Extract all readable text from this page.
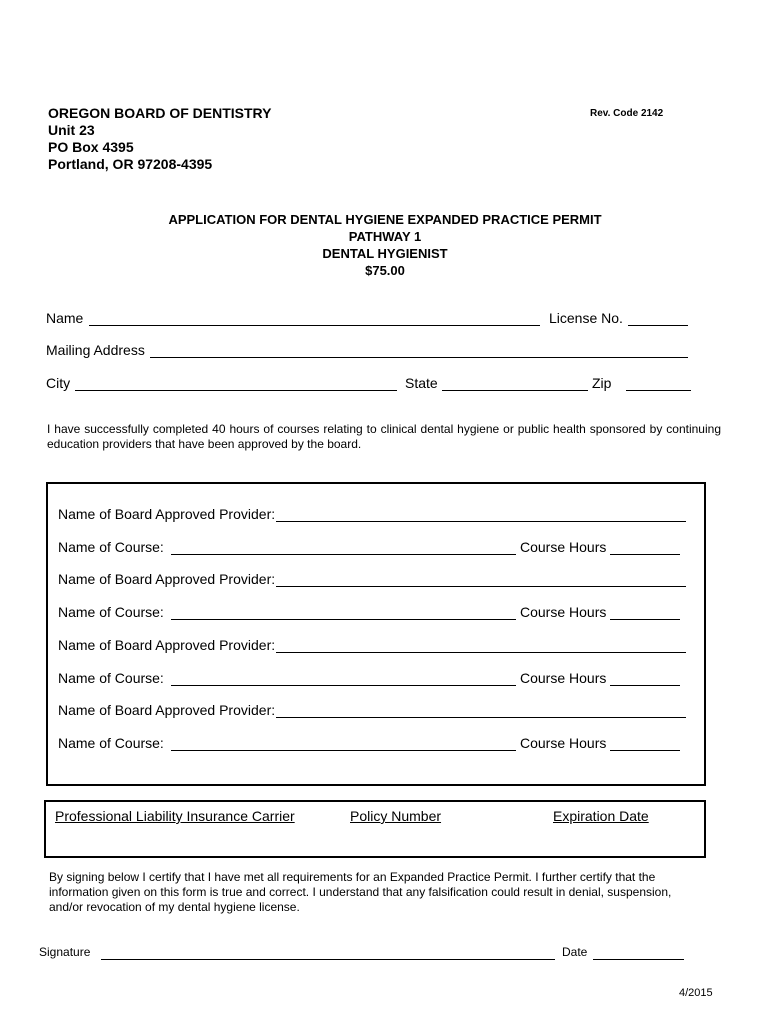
OREGON BOARD OF DENTISTRY
Unit 23
PO Box 4395
Portland, OR 97208-4395
Rev. Code 2142
APPLICATION FOR DENTAL HYGIENE EXPANDED PRACTICE PERMIT
PATHWAY 1
DENTAL HYGIENIST
$75.00
Name	License No.
Mailing Address
City	State	Zip
I have successfully completed 40 hours of courses relating to clinical dental hygiene or public health sponsored by continuing education providers that have been approved by the board.
Name of Board Approved Provider:
Name of Course:	Course Hours
Name of Board Approved Provider:
Name of Course:	Course Hours
Name of Board Approved Provider:
Name of Course:	Course Hours
Name of Board Approved Provider:
Name of Course:	Course Hours
Professional Liability Insurance Carrier	Policy Number	Expiration Date
By signing below I certify that I have met all requirements for an Expanded Practice Permit. I further certify that the information given on this form is true and correct. I understand that any falsification could result in denial, suspension, and/or revocation of my dental hygiene license.
Signature	Date
4/2015
